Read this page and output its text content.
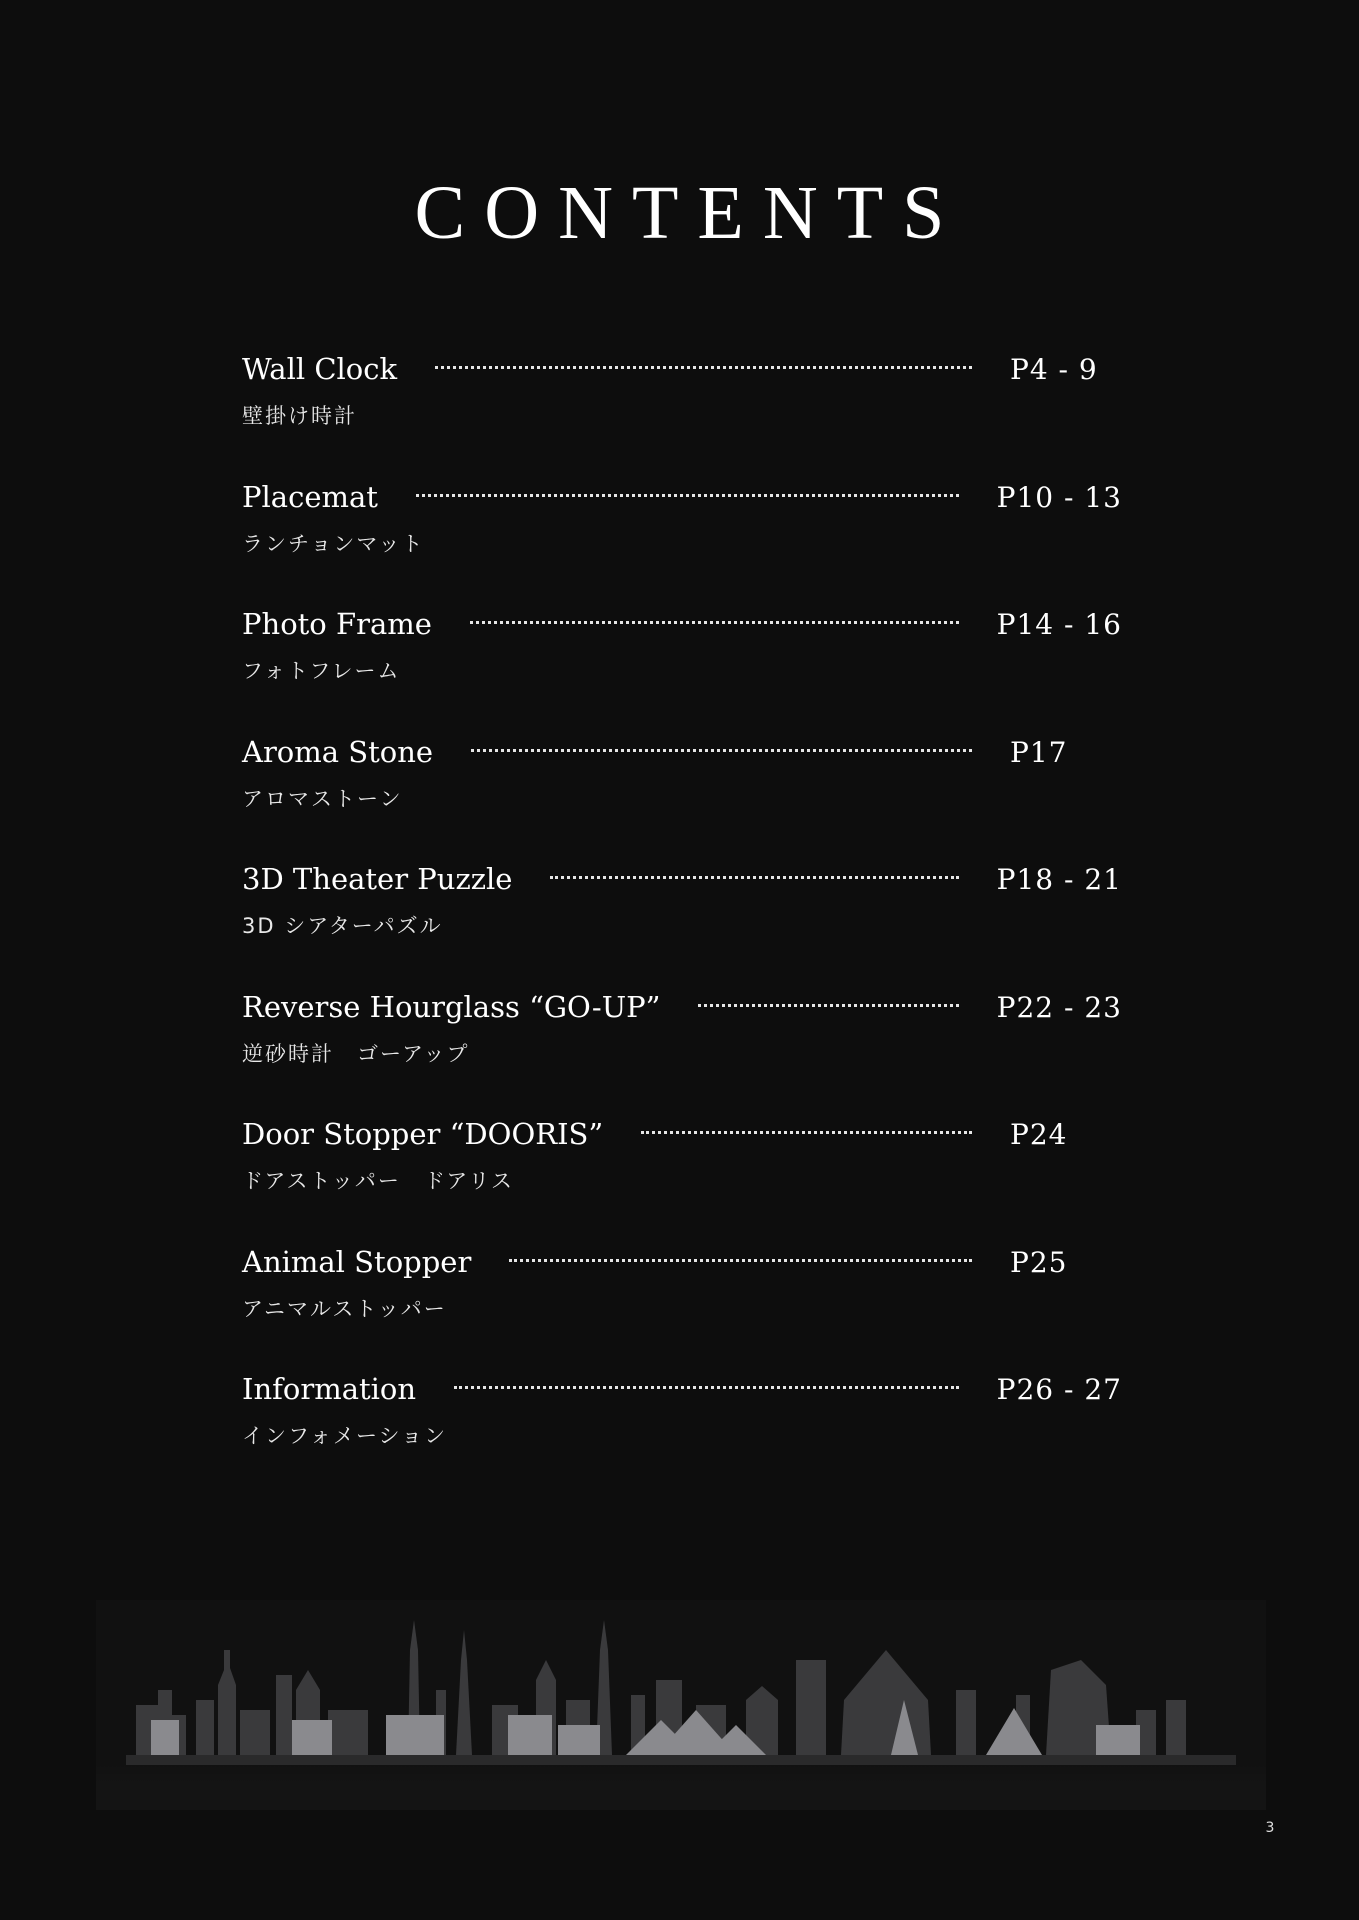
CONTENTS
Wall Clock	P4 - 9
壁掛け時計
Placemat	P10 - 13
ランチョンマット
Photo Frame	P14 - 16
フォトフレーム
Aroma Stone	P17
アロマストーン
3D Theater Puzzle	P18 - 21
3D シアターパズル
Reverse Hourglass “GO-UP”	P22 - 23
逆砂時計　ゴーアップ
Door Stopper “DOORIS”	P24
ドアストッパー　ドアリス
Animal Stopper	P25
アニマルストッパー
Information	P26 - 27
インフォメーション
3
